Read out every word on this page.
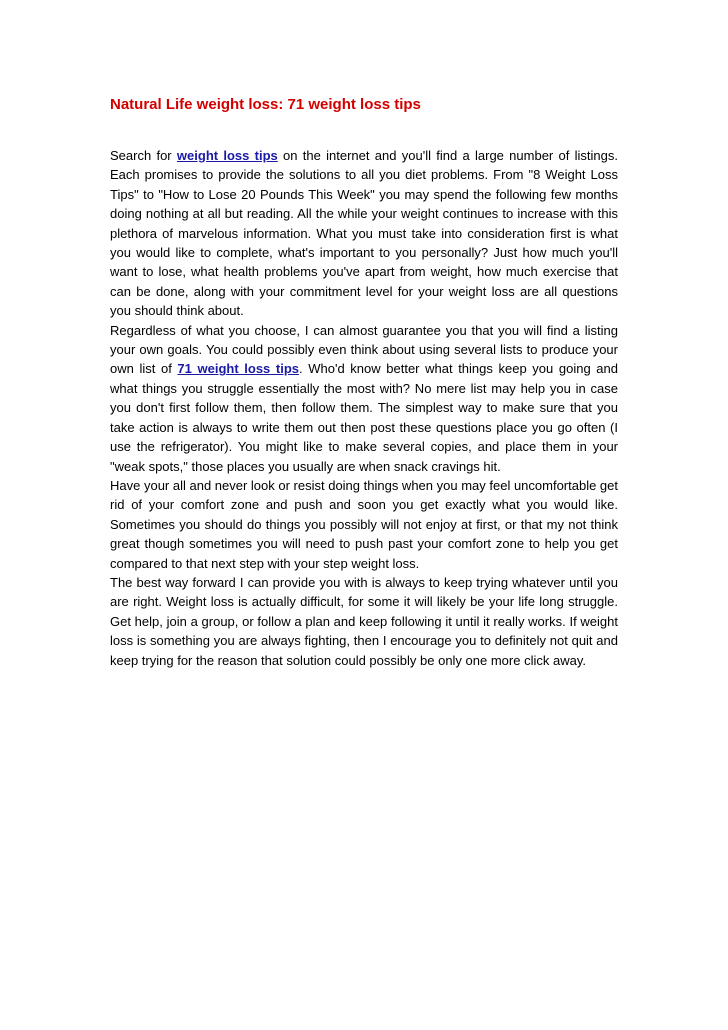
Natural Life weight loss: 71 weight loss tips

Search for weight loss tips on the internet and you'll find a large number of listings. Each promises to provide the solutions to all you diet problems. From "8 Weight Loss Tips" to "How to Lose 20 Pounds This Week" you may spend the following few months doing nothing at all but reading. All the while your weight continues to increase with this plethora of marvelous information. What you must take into consideration first is what you would like to complete, what's important to you personally? Just how much you'll want to lose, what health problems you've apart from weight, how much exercise that can be done, along with your commitment level for your weight loss are all questions you should think about.

Regardless of what you choose, I can almost guarantee you that you will find a listing your own goals. You could possibly even think about using several lists to produce your own list of 71 weight loss tips. Who'd know better what things keep you going and what things you struggle essentially the most with? No mere list may help you in case you don't first follow them, then follow them. The simplest way to make sure that you take action is always to write them out then post these questions place you go often (I use the refrigerator). You might like to make several copies, and place them in your "weak spots," those places you usually are when snack cravings hit.

Have your all and never look or resist doing things when you may feel uncomfortable get rid of your comfort zone and push and soon you get exactly what you would like. Sometimes you should do things you possibly will not enjoy at first, or that my not think great though sometimes you will need to push past your comfort zone to help you get compared to that next step with your step weight loss.

The best way forward I can provide you with is always to keep trying whatever until you are right. Weight loss is actually difficult, for some it will likely be your life long struggle. Get help, join a group, or follow a plan and keep following it until it really works. If weight loss is something you are always fighting, then I encourage you to definitely not quit and keep trying for the reason that solution could possibly be only one more click away.
